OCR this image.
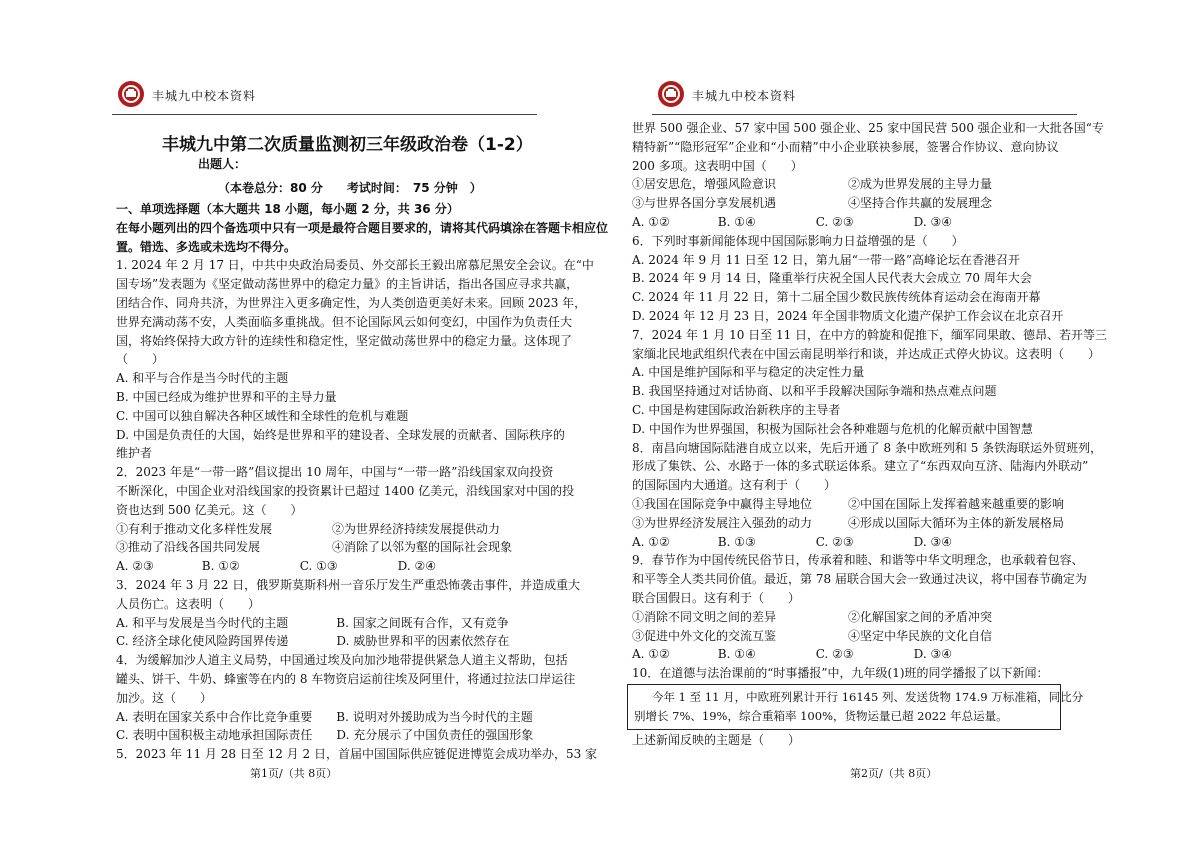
丰城九中校本资料
丰城九中第二次质量监测初三年级政治卷（1-2）
出题人：
（本卷总分：80 分　　考试时间：　75 分钟　）
一、单项选择题（本大题共 18 小题，每小题 2 分，共 36 分）
在每小题列出的四个备选项中只有一项是最符合题目要求的，请将其代码填涂在答题卡相应位
置。错选、多选或未选均不得分。
1. 2024 年 2 月 17 日，中共中央政治局委员、外交部长王毅出席慕尼黑安全会议。在“中
国专场”发表题为《坚定做动荡世界中的稳定力量》的主旨讲话，指出各国应寻求共赢，
团结合作、同舟共济，为世界注入更多确定性，为人类创造更美好未来。回顾 2023 年，
世界充满动荡不安，人类面临多重挑战。但不论国际风云如何变幻，中国作为负责任大
国，将始终保持大政方针的连续性和稳定性，坚定做动荡世界中的稳定力量。这体现了
（　　）
A. 和平与合作是当今时代的主题
B. 中国已经成为维护世界和平的主导力量
C. 中国可以独自解决各种区域性和全球性的危机与难题
D. 中国是负责任的大国，始终是世界和平的建设者、全球发展的贡献者、国际秩序的
维护者
2．2023 年是“一带一路”倡议提出 10 周年，中国与“一带一路”沿线国家双向投资
不断深化，中国企业对沿线国家的投资累计已超过 1400 亿美元，沿线国家对中国的投
资也达到 500 亿美元。这（　　）
①有利于推动文化多样性发展　　　　　②为世界经济持续发展提供动力
③推动了沿线各国共同发展　　　　　　④消除了以邻为壑的国际社会现象
A. ②③　　　　B. ①②　　　　　C. ①③　　　　　D. ②④
3．2024 年 3 月 22 日，俄罗斯莫斯科州一音乐厅发生严重恐怖袭击事件，并造成重大
人员伤亡。这表明（　　）
A. 和平与发展是当今时代的主题　　　　B. 国家之间既有合作，又有竞争
C. 经济全球化使风险跨国界传递　　　　D. 威胁世界和平的因素依然存在
4．为缓解加沙人道主义局势，中国通过埃及向加沙地带提供紧急人道主义帮助，包括
罐头、饼干、牛奶、蜂蜜等在内的 8 车物资启运前往埃及阿里什，将通过拉法口岸运往
加沙。这（　　）
A. 表明在国家关系中合作比竞争重要　　B. 说明对外援助成为当今时代的主题
C. 表明中国积极主动地承担国际责任　　D. 充分展示了中国负责任的强国形象
5．2023 年 11 月 28 日至 12 月 2 日，首届中国国际供应链促进博览会成功举办，53 家
第1页/（共 8页）
丰城九中校本资料
世界 500 强企业、57 家中国 500 强企业、25 家中国民营 500 强企业和一大批各国“专
精特新”“隐形冠军”企业和“小而精”中小企业联袂参展，签署合作协议、意向协议
200 多项。这表明中国（　　）
①居安思危，增强风险意识　　　　　　②成为世界发展的主导力量
③与世界各国分享发展机遇　　　　　　④坚持合作共赢的发展理念
A. ①②　　　　B. ①④　　　　　C. ②③　　　　　D. ③④
6．下列时事新闻能体现中国国际影响力日益增强的是（　　）
A. 2024 年 9 月 11 日至 12 日，第九届“一带一路”高峰论坛在香港召开
B. 2024 年 9 月 14 日，隆重举行庆祝全国人民代表大会成立 70 周年大会
C. 2024 年 11 月 22 日，第十二届全国少数民族传统体育运动会在海南开幕
D. 2024 年 12 月 23 日，2024 年全国非物质文化遗产保护工作会议在北京召开
7．2024 年 1 月 10 日至 11 日，在中方的斡旋和促推下，缅军同果敢、德昂、若开等三
家缅北民地武组织代表在中国云南昆明举行和谈，并达成正式停火协议。这表明（　　）
A. 中国是维护国际和平与稳定的决定性力量
B. 我国坚持通过对话协商、以和平手段解决国际争端和热点难点问题
C. 中国是构建国际政治新秩序的主导者
D. 中国作为世界强国，积极为国际社会各种难题与危机的化解贡献中国智慧
8．南昌向塘国际陆港自成立以来，先后开通了 8 条中欧班列和 5 条铁海联运外贸班列，
形成了集铁、公、水路于一体的多式联运体系。建立了“东西双向互济、陆海内外联动”
的国际国内大通道。这有利于（　　）
①我国在国际竞争中赢得主导地位　　　②中国在国际上发挥着越来越重要的影响
③为世界经济发展注入强劲的动力　　　④形成以国际大循环为主体的新发展格局
A. ①②　　　　B. ①③　　　　　C. ②③　　　　　D. ③④
9．春节作为中国传统民俗节日，传承着和睦、和谐等中华文明理念，也承载着包容、
和平等全人类共同价值。最近，第 78 届联合国大会一致通过决议，将中国春节确定为
联合国假日。这有利于（　　）
①消除不同文明之间的差异　　　　　　②化解国家之间的矛盾冲突
③促进中外文化的交流互鉴　　　　　　④坚定中华民族的文化自信
A. ①②　　　　B. ①④　　　　　C. ②③　　　　　D. ③④
10．在道德与法治课前的“时事播报”中，九年级(1)班的同学播报了以下新闻：
第2页/（共 8页）
今年 1 至 11 月，中欧班列累计开行 16145 列、发送货物 174.9 万标准箱，同比分
别增长 7%、19%，综合重箱率 100%，货物运量已超 2022 年总运量。
上述新闻反映的主题是（　　）
